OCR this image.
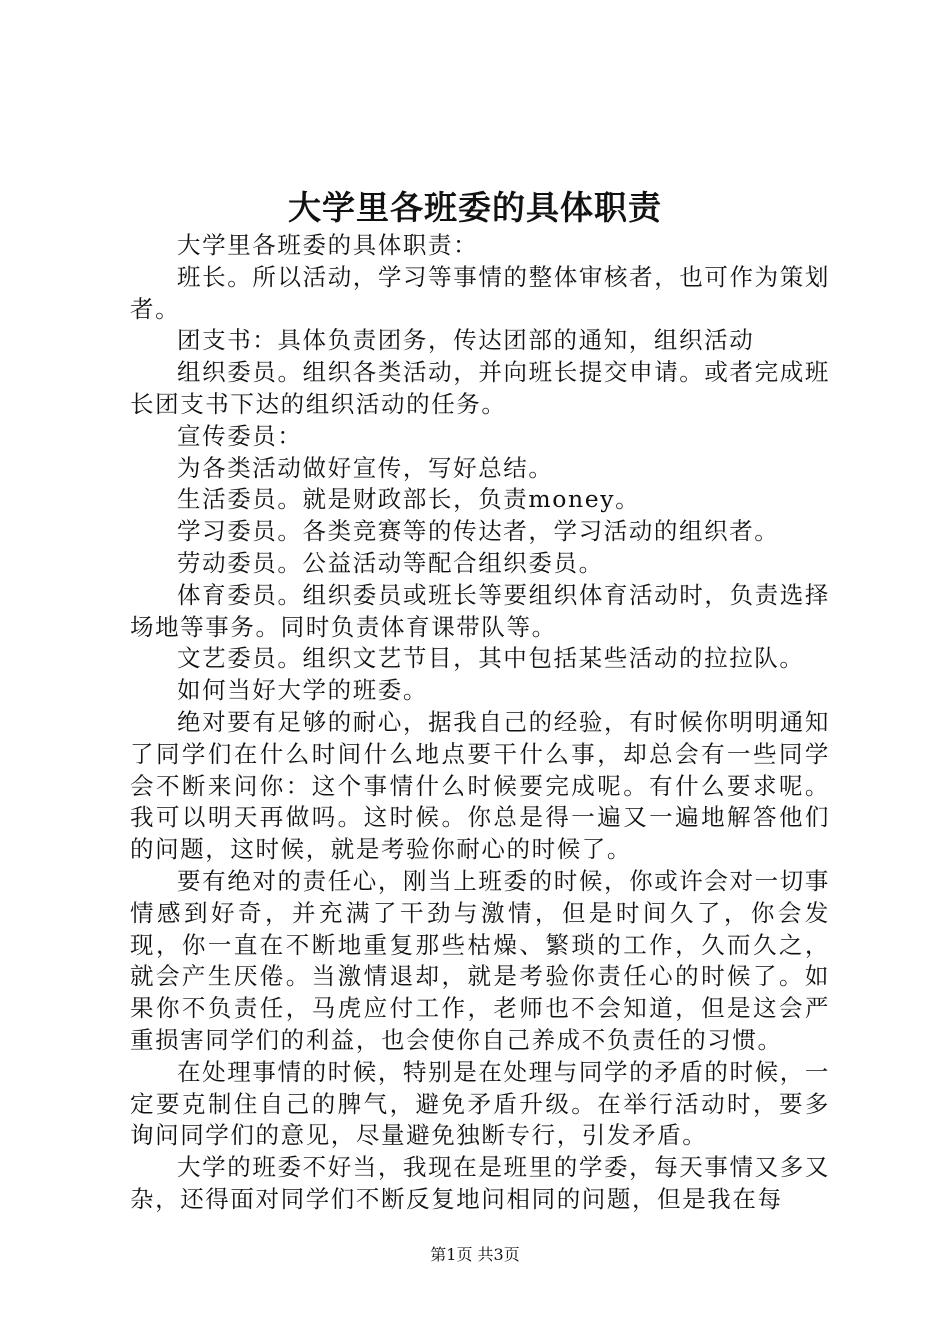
大学里各班委的具体职责

大学里各班委的具体职责：

班长。所以活动，学习等事情的整体审核者，也可作为策划者。

团支书：具体负责团务，传达团部的通知，组织活动

组织委员。组织各类活动，并向班长提交申请。或者完成班长团支书下达的组织活动的任务。

宣传委员：

为各类活动做好宣传，写好总结。

生活委员。就是财政部长，负责money。

学习委员。各类竞赛等的传达者，学习活动的组织者。

劳动委员。公益活动等配合组织委员。

体育委员。组织委员或班长等要组织体育活动时，负责选择场地等事务。同时负责体育课带队等。

文艺委员。组织文艺节目，其中包括某些活动的拉拉队。

如何当好大学的班委。

绝对要有足够的耐心，据我自己的经验，有时候你明明通知了同学们在什么时间什么地点要干什么事，却总会有一些同学会不断来问你：这个事情什么时候要完成呢。有什么要求呢。我可以明天再做吗。这时候。你总是得一遍又一遍地解答他们的问题，这时候，就是考验你耐心的时候了。

要有绝对的责任心，刚当上班委的时候，你或许会对一切事情感到好奇，并充满了干劲与激情，但是时间久了，你会发现，你一直在不断地重复那些枯燥、繁琐的工作，久而久之，就会产生厌倦。当激情退却，就是考验你责任心的时候了。如果你不负责任，马虎应付工作，老师也不会知道，但是这会严重损害同学们的利益，也会使你自己养成不负责任的习惯。

在处理事情的时候，特别是在处理与同学的矛盾的时候，一定要克制住自己的脾气，避免矛盾升级。在举行活动时，要多询问同学们的意见，尽量避免独断专行，引发矛盾。

大学的班委不好当，我现在是班里的学委，每天事情又多又杂，还得面对同学们不断反复地问相同的问题，但是我在每

第1页 共3页
